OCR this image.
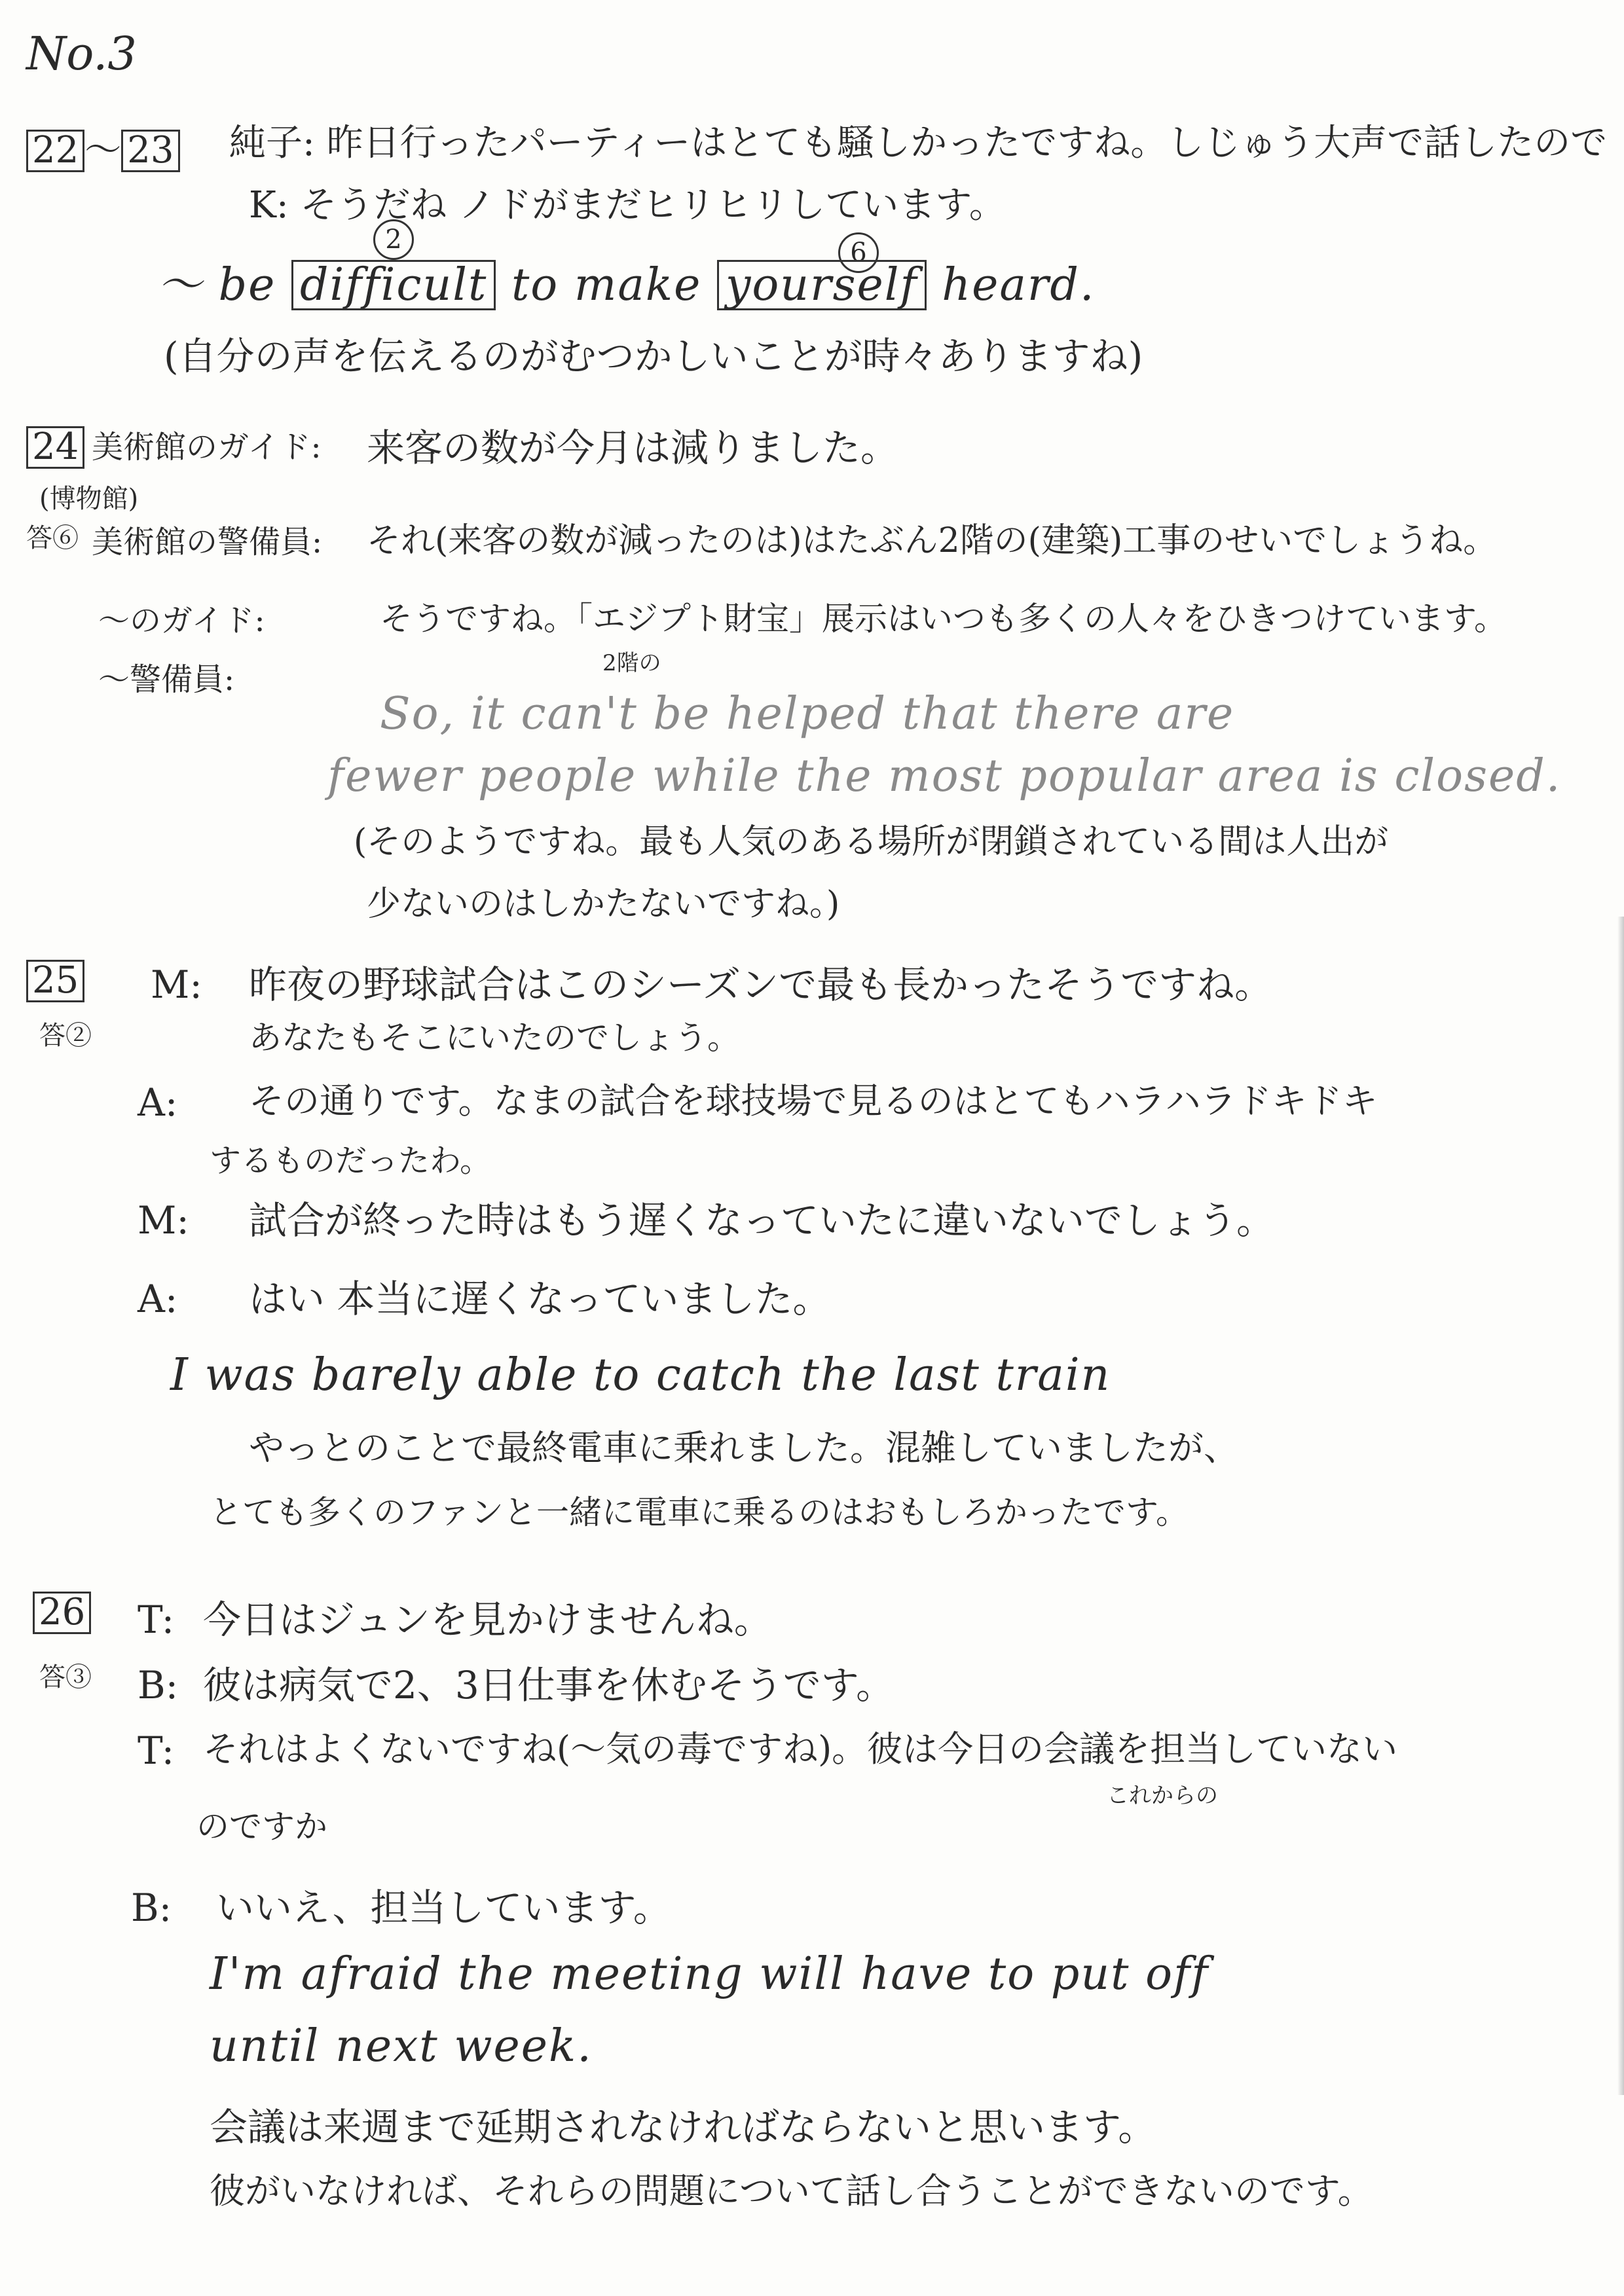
No.3
22 〜 23 純子: 昨日行ったパーティーはとても騒しかったですね。しじゅう大声で話したので
K: そうだね ノドがまだヒリヒリしています。
2	6
〜 be difficult to make yourself heard.
(自分の声を伝えるのがむつかしいことが時々ありますね)
24 美術館のガイド: 来客の数が今月は減りました。
(博物館)
答⑥ 美術館の警備員: それ(来客の数が減ったのは)はたぶん2階の(建築)工事のせいでしょうね。
〜のガイド:	そうですね。「エジプト財宝」展示はいつも多くの人々をひきつけています。
2階の
〜警備員:
So, it can't be helped that there are
fewer people while the most popular area is closed.
(そのようですね。最も人気のある場所が閉鎖されている間は人出が
少ないのはしかたないですね。)
25
答②
M: 昨夜の野球試合はこのシーズンで最も長かったそうですね。
あなたもそこにいたのでしょう。
A: その通りです。なまの試合を球技場で見るのはとてもハラハラドキドキ
するものだったわ。
M: 試合が終った時はもう遅くなっていたに違いないでしょう。
A: はい 本当に遅くなっていました。
I was barely able to catch the last train
やっとのことで最終電車に乗れました。混雑していましたが、
とても多くのファンと一緒に電車に乗るのはおもしろかったです。
26
答③
T: 今日はジュンを見かけませんね。
B: 彼は病気で2、3日仕事を休むそうです。
T: それはよくないですね(〜気の毒ですね)。彼は今日の会議を担当していない
これからの
のですか
B: いいえ、担当しています。
I'm afraid the meeting will have to put off
until next week.
会議は来週まで延期されなければならないと思います。
彼がいなければ、それらの問題について話し合うことができないのです。
